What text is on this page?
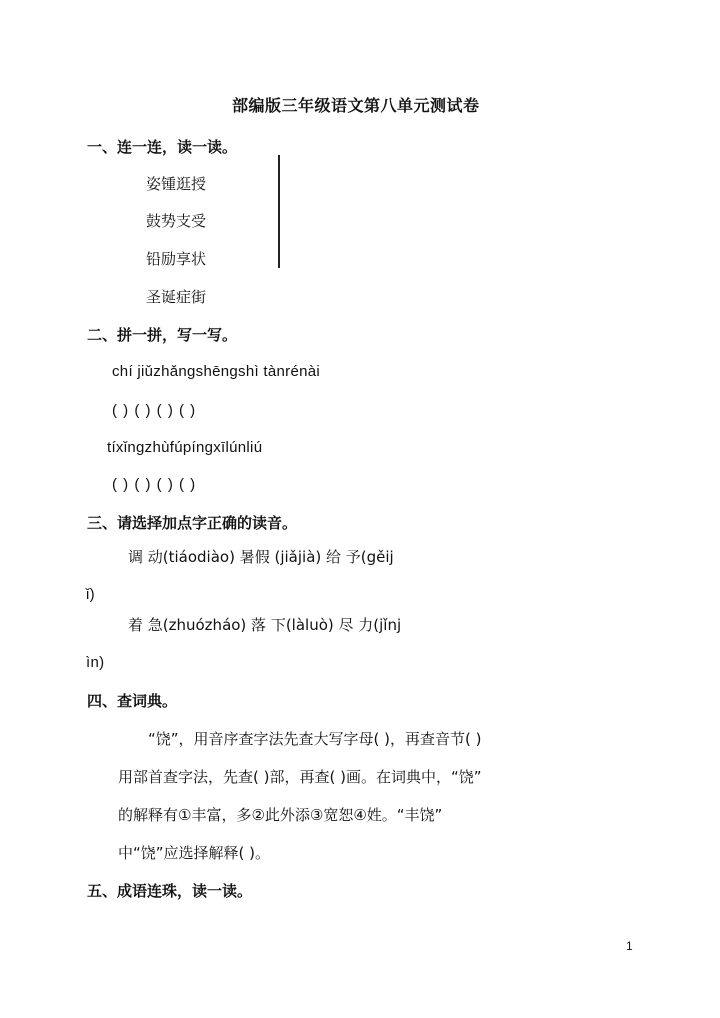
部编版三年级语文第八单元测试卷
一、连一连，读一读。
姿锺逛授
鼓势支受
铅励享状
圣诞症街
二、拼一拼，写一写。
chí jiǔzhǎngshēngshì tànrénài
( ) ( ) ( ) ( )
tíxǐngzhùfúpíngxīlúnliú
( ) ( ) ( ) ( )
三、请选择加点字正确的读音。
调 动(tiáodiào) 暑假 (jiǎjià) 给 予(gěij
ǐ)
着 急(zhuózháo) 落 下(làluò) 尽 力(jǐnj
ìn)
四、查词典。
“饶”，用音序查字法先查大写字母( )，再查音节( )
用部首查字法，先查( )部，再查( )画。在词典中，“饶”
的解释有①丰富，多②此外添③宽恕④姓。“丰饶”
中“饶”应选择解释( )。
五、成语连珠，读一读。
1
